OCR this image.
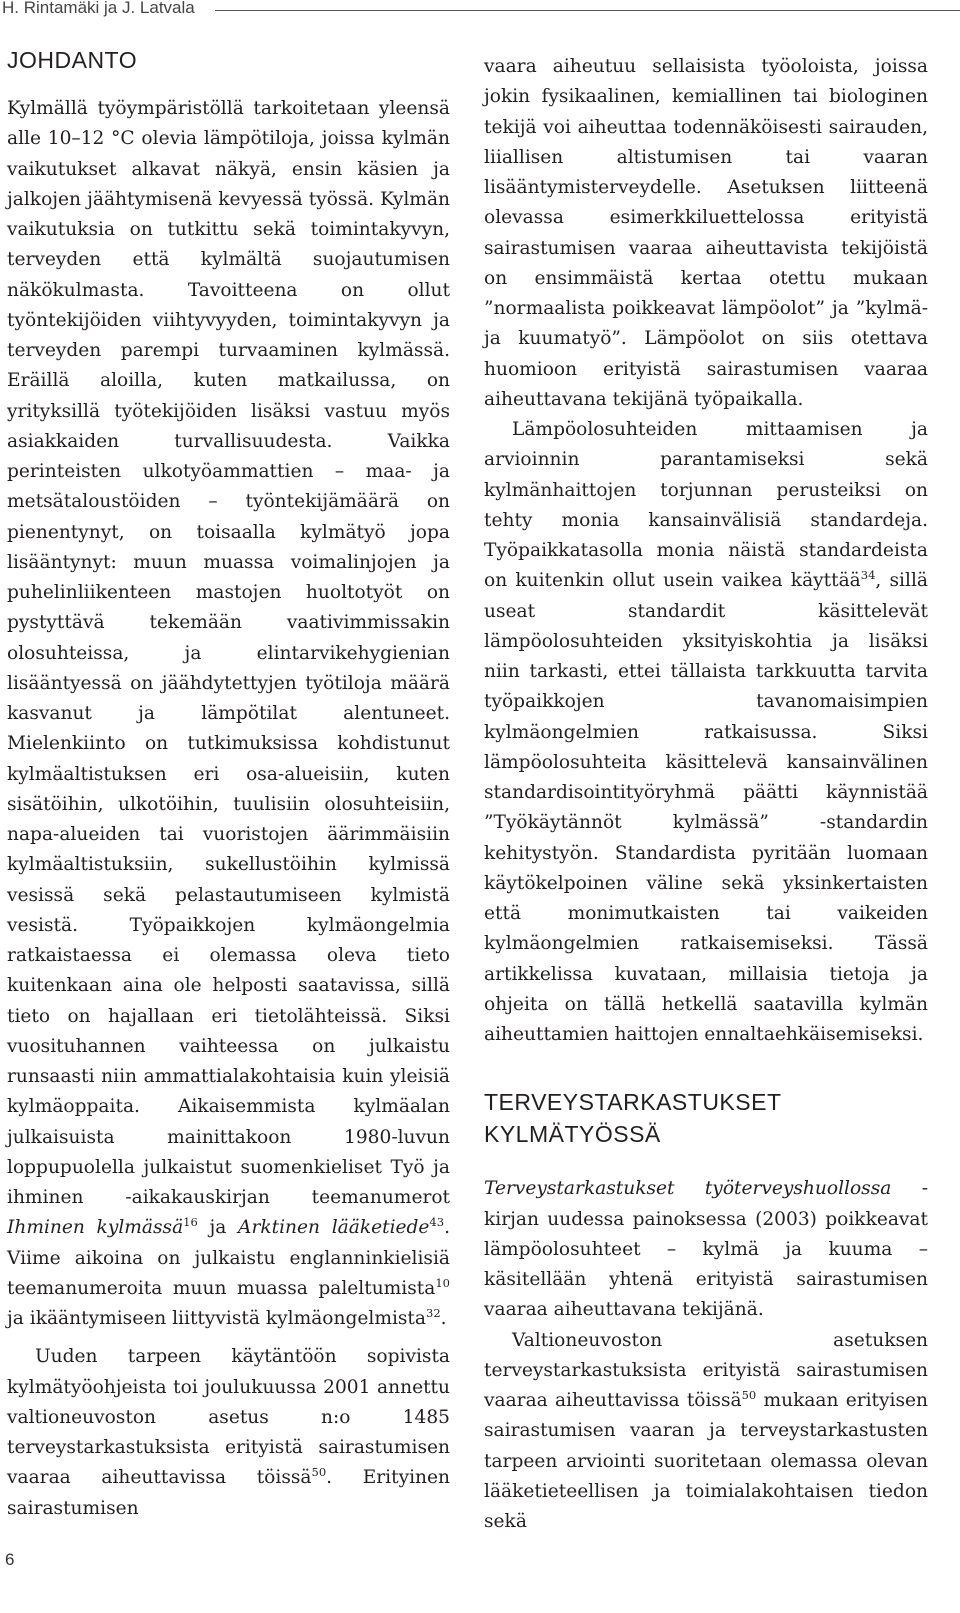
H. Rintamäki ja J. Latvala
JOHDANTO

Kylmällä työympäristöllä tarkoitetaan yleensä alle 10–12 °C olevia lämpötiloja, joissa kylmän vaikutukset alkavat näkyä, ensin käsien ja jalkojen jäähtymisenä kevyessä työssä. Kylmän vaikutuksia on tutkittu sekä toimintakyvyn, terveyden että kylmältä suojautumisen näkökulmasta. Tavoitteena on ollut työntekijöiden viihtyvyyden, toimintakyvyn ja terveyden parempi turvaaminen kylmässä. Eräillä aloilla, kuten matkailussa, on yrityksillä työtekijöiden lisäksi vastuu myös asiakkaiden turvallisuudesta. Vaikka perinteisten ulkotyöammattien – maa- ja metsätaloustöiden – työntekijämäärä on pienentynyt, on toisaalla kylmätyö jopa lisääntynyt: muun muassa voimalinjojen ja puhelinliikenteen mastojen huoltotyöt on pystyttävä tekemään vaativimmissakin olosuhteissa, ja elintarvikehygienian lisääntyessä on jäähdytettyjen työtiloja määrä kasvanut ja lämpötilat alentuneet. Mielenkiinto on tutkimuksissa kohdistunut kylmäaltistuksen eri osa-alueisiin, kuten sisätöihin, ulkotöihin, tuulisiin olosuhteisiin, napa-alueiden tai vuoristojen äärimmäisiin kylmäaltistuksiin, sukellustöihin kylmissä vesissä sekä pelastautumiseen kylmistä vesistä. Työpaikkojen kylmäongelmia ratkaistaessa ei olemassa oleva tieto kuitenkaan aina ole helposti saatavissa, sillä tieto on hajallaan eri tietolähteissä. Siksi vuosituhannen vaihteessa on julkaistu runsaasti niin ammattialakohtaisia kuin yleisiä kylmäoppaita. Aikaisemmista kylmäalan julkaisuista mainittakoon 1980-luvun loppupuolella julkaistut suomenkieliset Työ ja ihminen -aikakauskirjan teemanumerot Ihminen kylmässä$^{16}$ ja Arktinen lääketiede$^{43}$. Viime aikoina on julkaistu englanninkielisiä teemanumeroita muun muassa paleltumista$^{10}$ ja ikääntymiseen liittyvistä kylmäongelmista$^{32}$.

Uuden tarpeen käytäntöön sopivista kylmätyöohjeista toi joulukuussa 2001 annettu valtioneuvoston asetus n:o 1485 terveystarkastuksista erityistä sairastumisen vaaraa aiheuttavissa töissä$^{50}$. Erityinen sairastumisen

vaara aiheutuu sellaisista työoloista, joissa jokin fysikaalinen, kemiallinen tai biologinen tekijä voi aiheuttaa todennäköisesti sairauden, liiallisen altistumisen tai vaaran lisääntymisterveydelle. Asetuksen liitteenä olevassa esimerkkiluettelossa erityistä sairastumisen vaaraa aiheuttavista tekijöistä on ensimmäistä kertaa otettu mukaan ”normaalista poikkeavat lämpöolot” ja ”kylmä- ja kuumatyö”. Lämpöolot on siis otettava huomioon erityistä sairastumisen vaaraa aiheuttavana tekijänä työpaikalla.

Lämpöolosuhteiden mittaamisen ja arvioinnin parantamiseksi sekä kylmänhaittojen torjunnan perusteiksi on tehty monia kansainvälisiä standardeja. Työpaikkatasolla monia näistä standardeista on kuitenkin ollut usein vaikea käyttää$^{34}$, sillä useat standardit käsittelevät lämpöolosuhteiden yksityiskohtia ja lisäksi niin tarkasti, ettei tällaista tarkkuutta tarvita työpaikkojen tavanomaisimpien kylmäongelmien ratkaisussa. Siksi lämpöolosuhteita käsittelevä kansainvälinen standardisointityöryhmä päätti käynnistää ”Työkäytännöt kylmässä” -standardin kehitystyön. Standardista pyritään luomaan käytökelpoinen väline sekä yksinkertaisten että monimutkaisten tai vaikeiden kylmäongelmien ratkaisemiseksi. Tässä artikkelissa kuvataan, millaisia tietoja ja ohjeita on tällä hetkellä saatavilla kylmän aiheuttamien haittojen ennaltaehkäisemiseksi.

TERVEYSTARKASTUKSET
KYLMÄTYÖSSÄ

Terveystarkastukset työterveyshuollossa -kirjan uudessa painoksessa (2003) poikkeavat lämpöolosuhteet – kylmä ja kuuma – käsitellään yhtenä erityistä sairastumisen vaaraa aiheuttavana tekijänä.

Valtioneuvoston asetuksen terveystarkastuksista erityistä sairastumisen vaaraa aiheuttavissa töissä$^{50}$ mukaan erityisen sairastumisen vaaran ja terveystarkastusten tarpeen arviointi suoritetaan olemassa olevan lääketieteellisen ja toimialakohtaisen tiedon sekä

6
